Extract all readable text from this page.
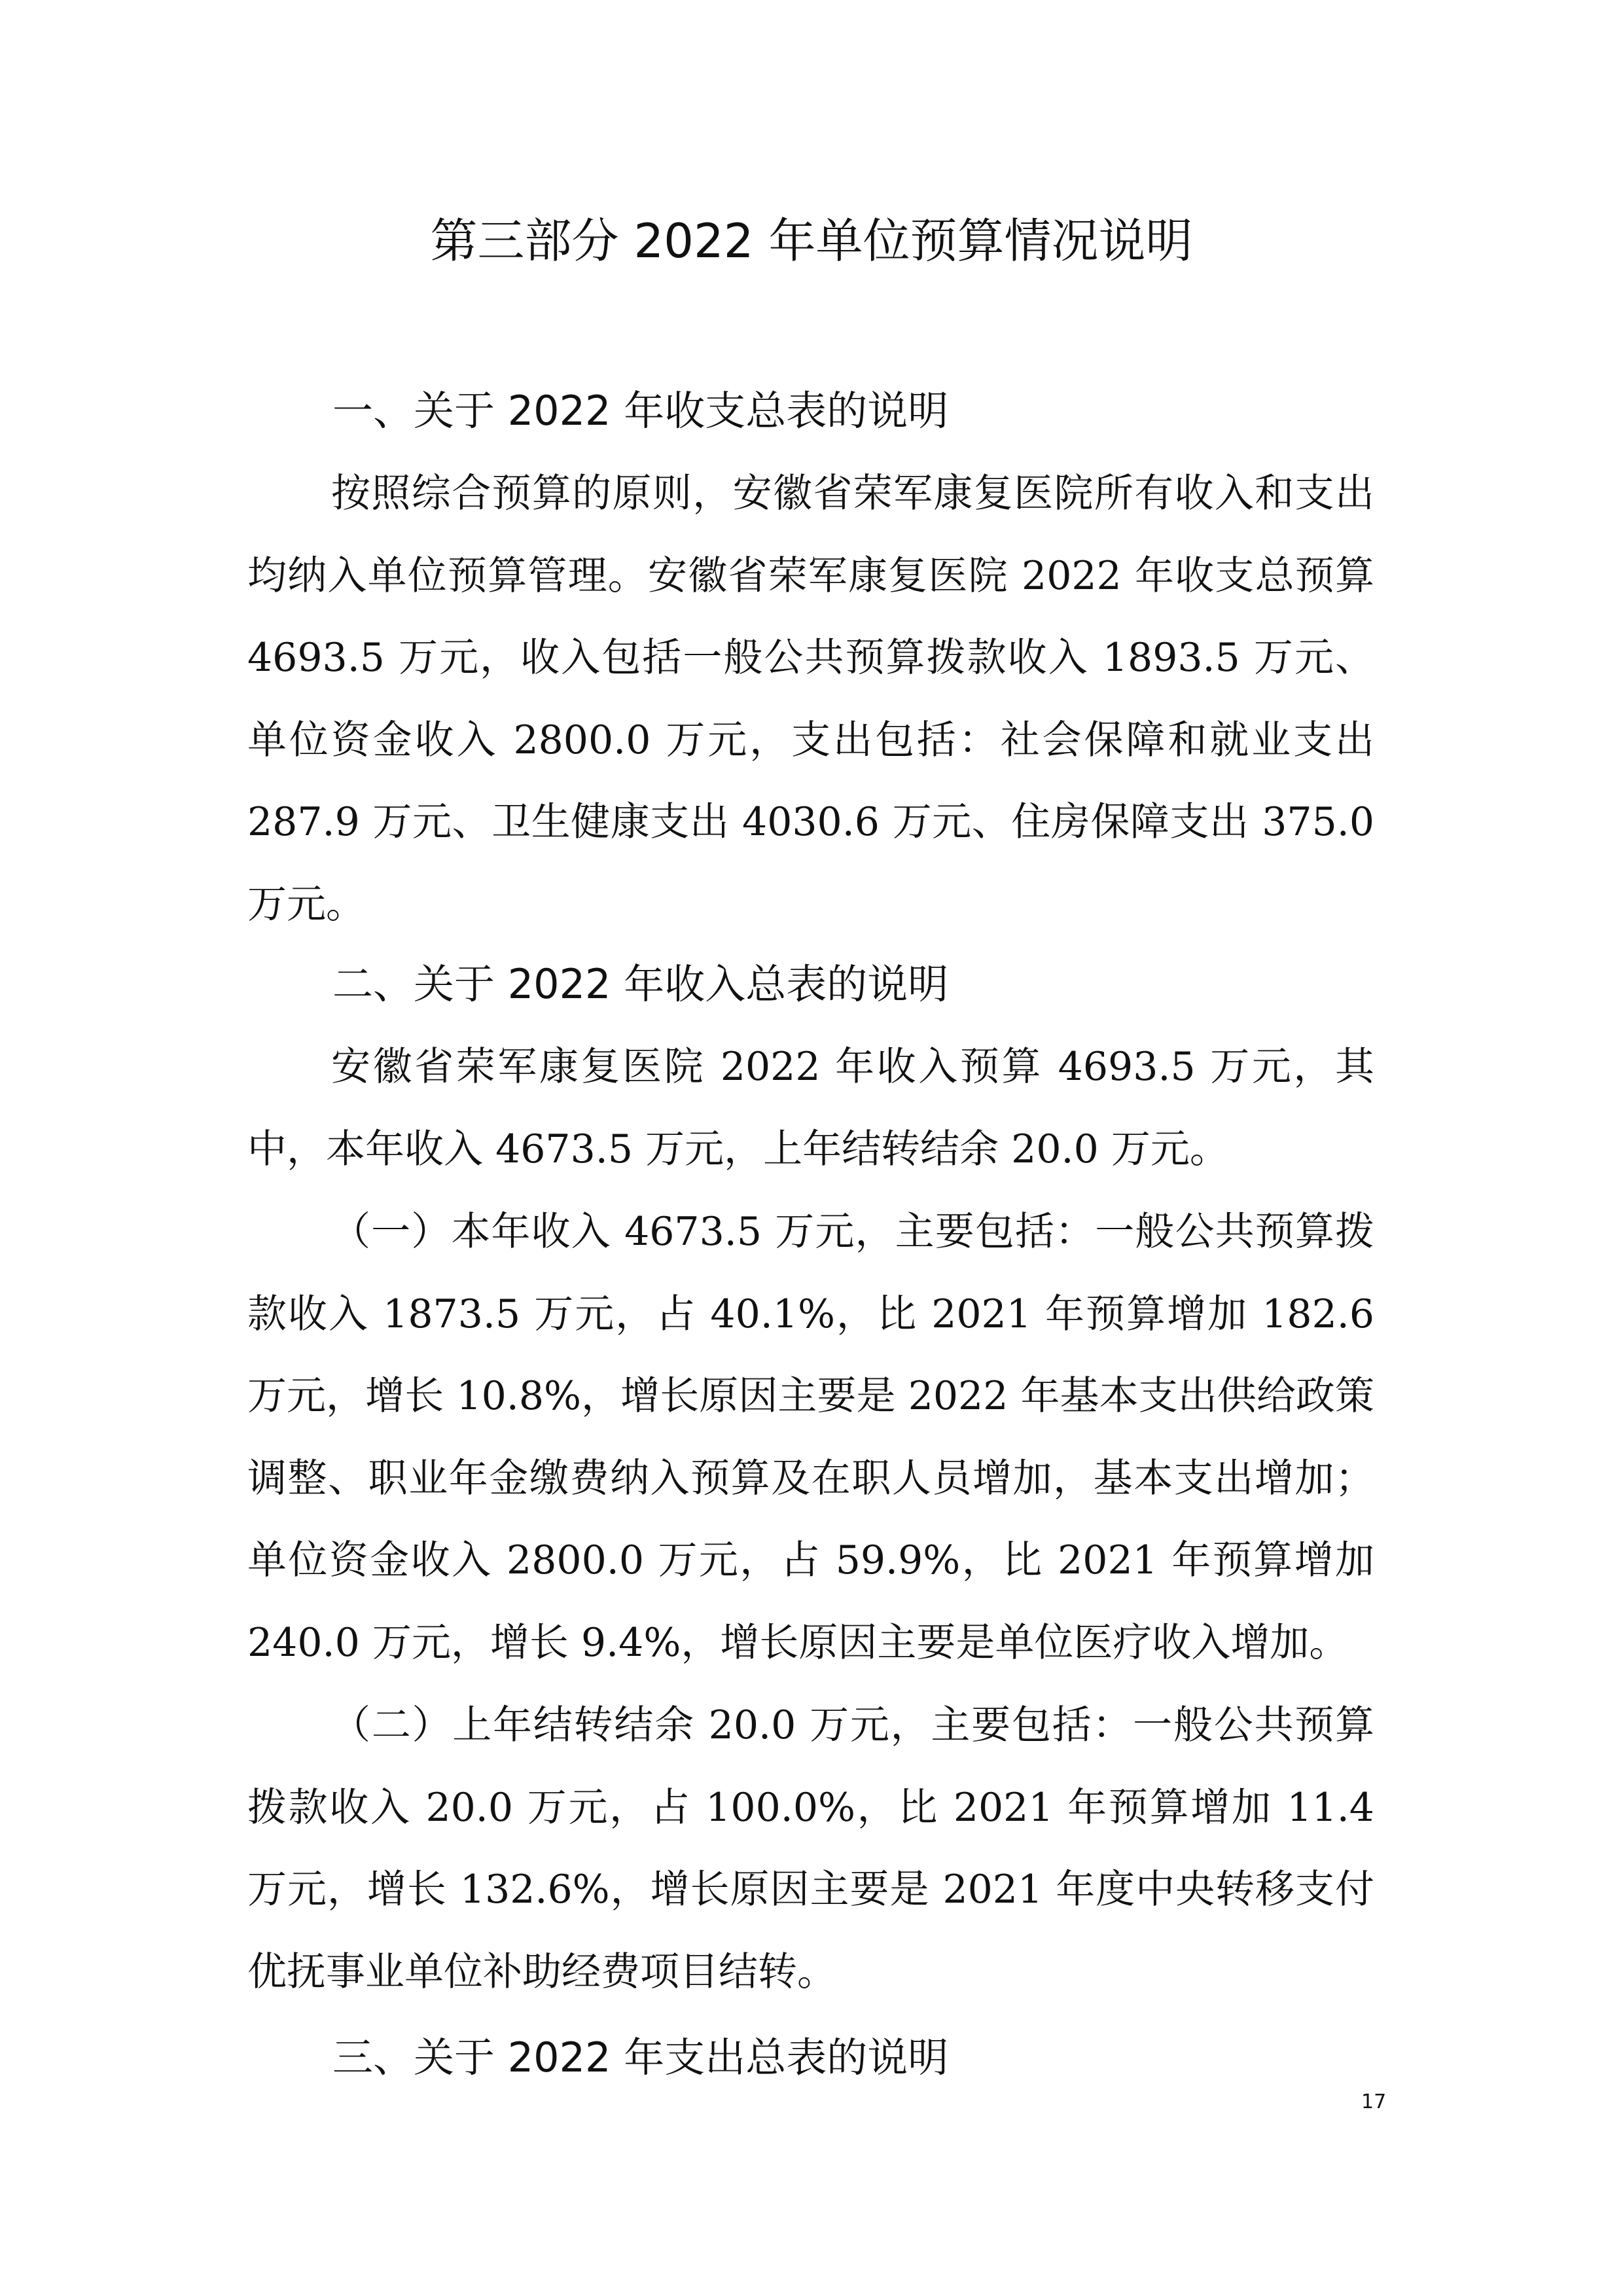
第三部分 2022 年单位预算情况说明
一、关于 2022 年收支总表的说明

按照综合预算的原则，安徽省荣军康复医院所有收入和支出均纳入单位预算管理。安徽省荣军康复医院 2022 年收支总预算 4693.5 万元，收入包括一般公共预算拨款收入 1893.5 万元、单位资金收入 2800.0 万元，支出包括：社会保障和就业支出 287.9 万元、卫生健康支出 4030.6 万元、住房保障支出 375.0 万元。

二、关于 2022 年收入总表的说明

安徽省荣军康复医院 2022 年收入预算 4693.5 万元，其中，本年收入 4673.5 万元，上年结转结余 20.0 万元。

（一）本年收入 4673.5 万元，主要包括：一般公共预算拨款收入 1873.5 万元，占 40.1%，比 2021 年预算增加 182.6 万元，增长 10.8%，增长原因主要是 2022 年基本支出供给政策调整、职业年金缴费纳入预算及在职人员增加，基本支出增加；单位资金收入 2800.0 万元，占 59.9%，比 2021 年预算增加 240.0 万元，增长 9.4%，增长原因主要是单位医疗收入增加。

（二）上年结转结余 20.0 万元，主要包括：一般公共预算拨款收入 20.0 万元，占 100.0%，比 2021 年预算增加 11.4 万元，增长 132.6%，增长原因主要是 2021 年度中央转移支付优抚事业单位补助经费项目结转。

三、关于 2022 年支出总表的说明
17
